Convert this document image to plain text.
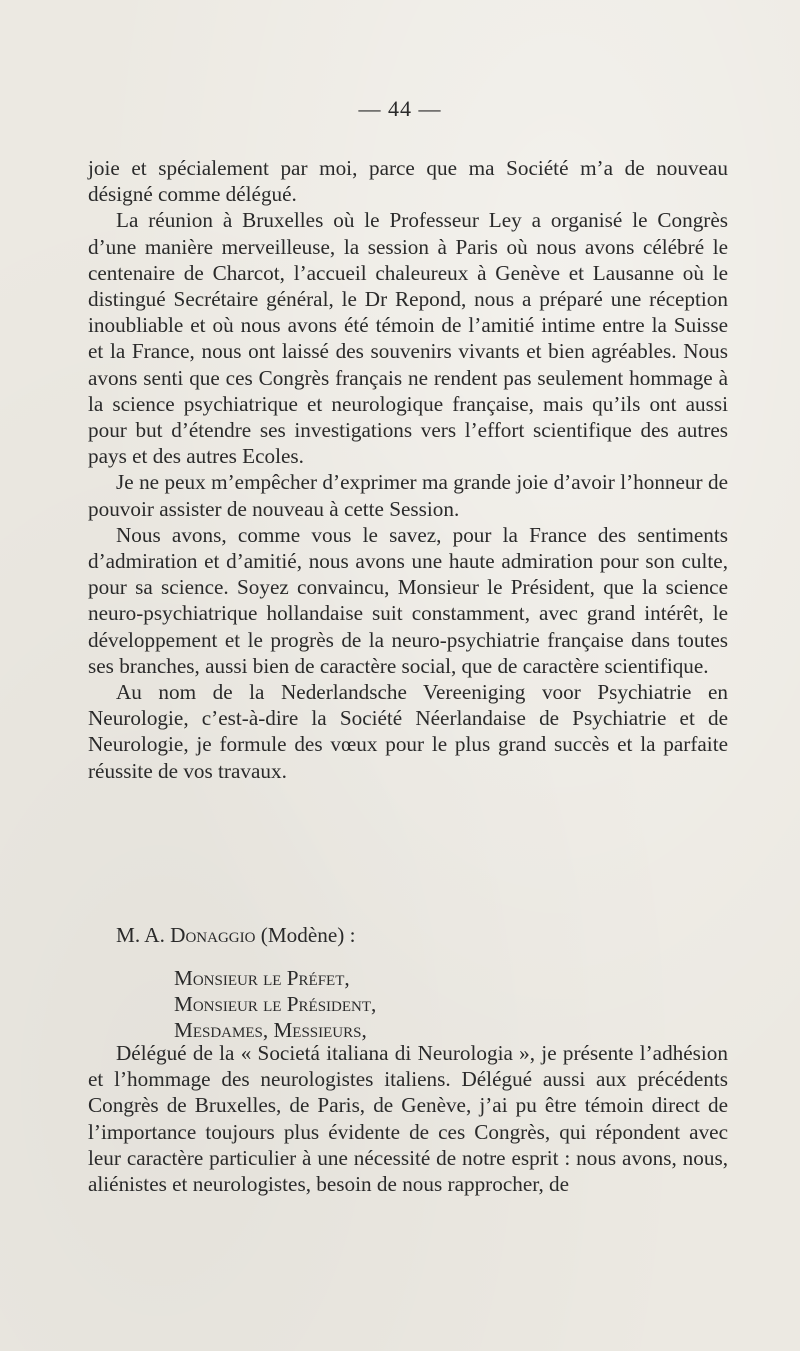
— 44 —

joie et spécialement par moi, parce que ma Société m’a de nouveau désigné comme délégué.

La réunion à Bruxelles où le Professeur Ley a organisé le Congrès d’une manière merveilleuse, la session à Paris où nous avons célébré le centenaire de Charcot, l’accueil chaleureux à Genève et Lausanne où le distingué Secrétaire général, le Dr Repond, nous a préparé une réception inoubliable et où nous avons été témoin de l’amitié intime entre la Suisse et la France, nous ont laissé des souvenirs vivants et bien agréables. Nous avons senti que ces Congrès français ne rendent pas seulement hommage à la science psychiatrique et neurologique française, mais qu’ils ont aussi pour but d’étendre ses investigations vers l’effort scientifique des autres pays et des autres Ecoles.

Je ne peux m’empêcher d’exprimer ma grande joie d’avoir l’honneur de pouvoir assister de nouveau à cette Session.

Nous avons, comme vous le savez, pour la France des sentiments d’admiration et d’amitié, nous avons une haute admiration pour son culte, pour sa science. Soyez convaincu, Monsieur le Président, que la science neuro-psychiatrique hollandaise suit constamment, avec grand intérêt, le développement et le progrès de la neuro-psychiatrie française dans toutes ses branches, aussi bien de caractère social, que de caractère scientifique.

Au nom de la Nederlandsche Vereeniging voor Psychiatrie en Neurologie, c’est-à-dire la Société Néerlandaise de Psychiatrie et de Neurologie, je formule des vœux pour le plus grand succès et la parfaite réussite de vos travaux.

M. A. Donaggio (Modène) :
Monsieur le Préfet,
Monsieur le Président,
Mesdames, Messieurs,

Délégué de la « Societá italiana di Neurologia », je présente l’adhésion et l’hommage des neurologistes italiens. Délégué aussi aux précédents Congrès de Bruxelles, de Paris, de Genève, j’ai pu être témoin direct de l’importance toujours plus évidente de ces Congrès, qui répondent avec leur caractère particulier à une nécessité de notre esprit : nous avons, nous, aliénistes et neurologistes, besoin de nous rapprocher, de
